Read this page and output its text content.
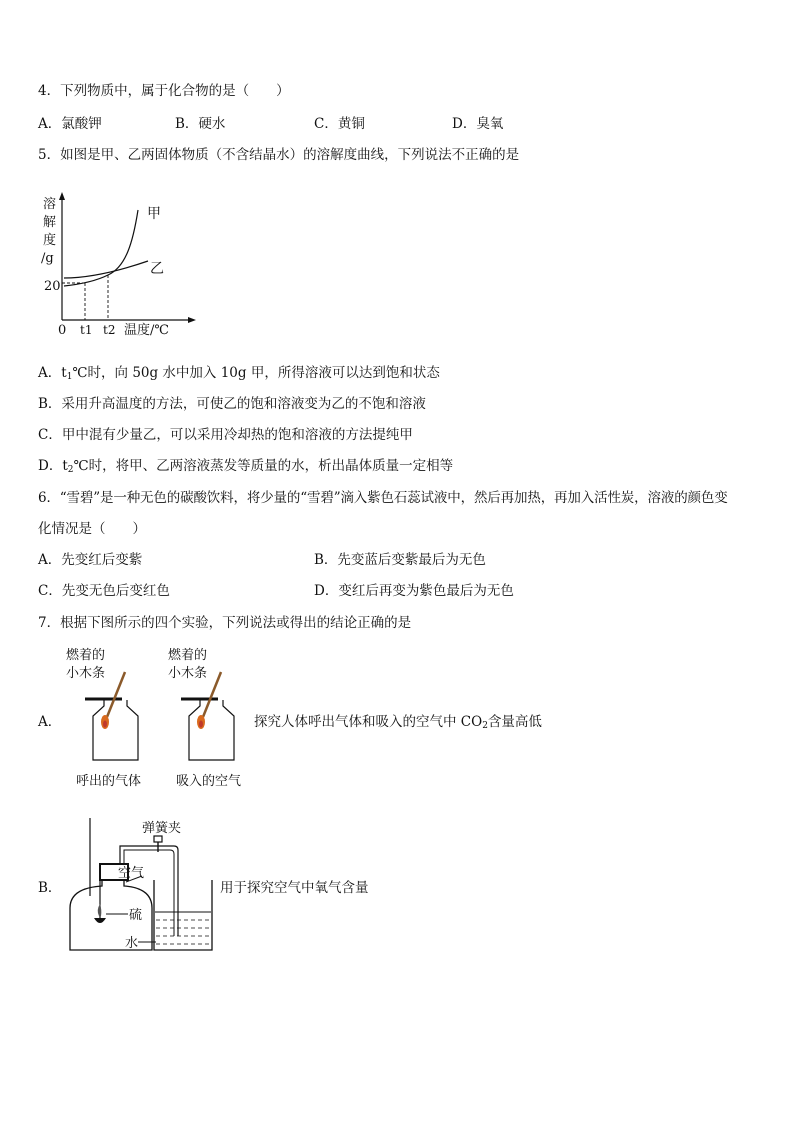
4．下列物质中，属于化合物的是（　　）
A．氯酸钾	B．硬水	C．黄铜	D．臭氧
5．如图是甲、乙两固体物质（不含结晶水）的溶解度曲线，下列说法不正确的是
溶
解
度
/g
20
甲
乙
0 t1 t2 温度/℃
A．$t_1℃$时，向 50g 水中加入 10g 甲，所得溶液可以达到饱和状态
B．采用升高温度的方法，可使乙的饱和溶液变为乙的不饱和溶液
C．甲中混有少量乙，可以采用冷却热的饱和溶液的方法提纯甲
D．$t_2℃$时，将甲、乙两溶液蒸发等质量的水，析出晶体质量一定相等
6．“雪碧”是一种无色的碳酸饮料，将少量的“雪碧”滴入紫色石蕊试液中，然后再加热，再加入活性炭，溶液的颜色变
化情况是（　　）
A．先变红后变紫	B．先变蓝后变紫最后为无色
C．先变无色后变红色	D．变红后再变为紫色最后为无色
7．根据下图所示的四个实验，下列说法或得出的结论正确的是
A．
燃着的
小木条
燃着的
小木条
呼出的气体	吸入的空气
探究人体呼出气体和吸入的空气中 $CO_2$含量高低
B．
弹簧夹
空气
硫
水
用于探究空气中氧气含量
